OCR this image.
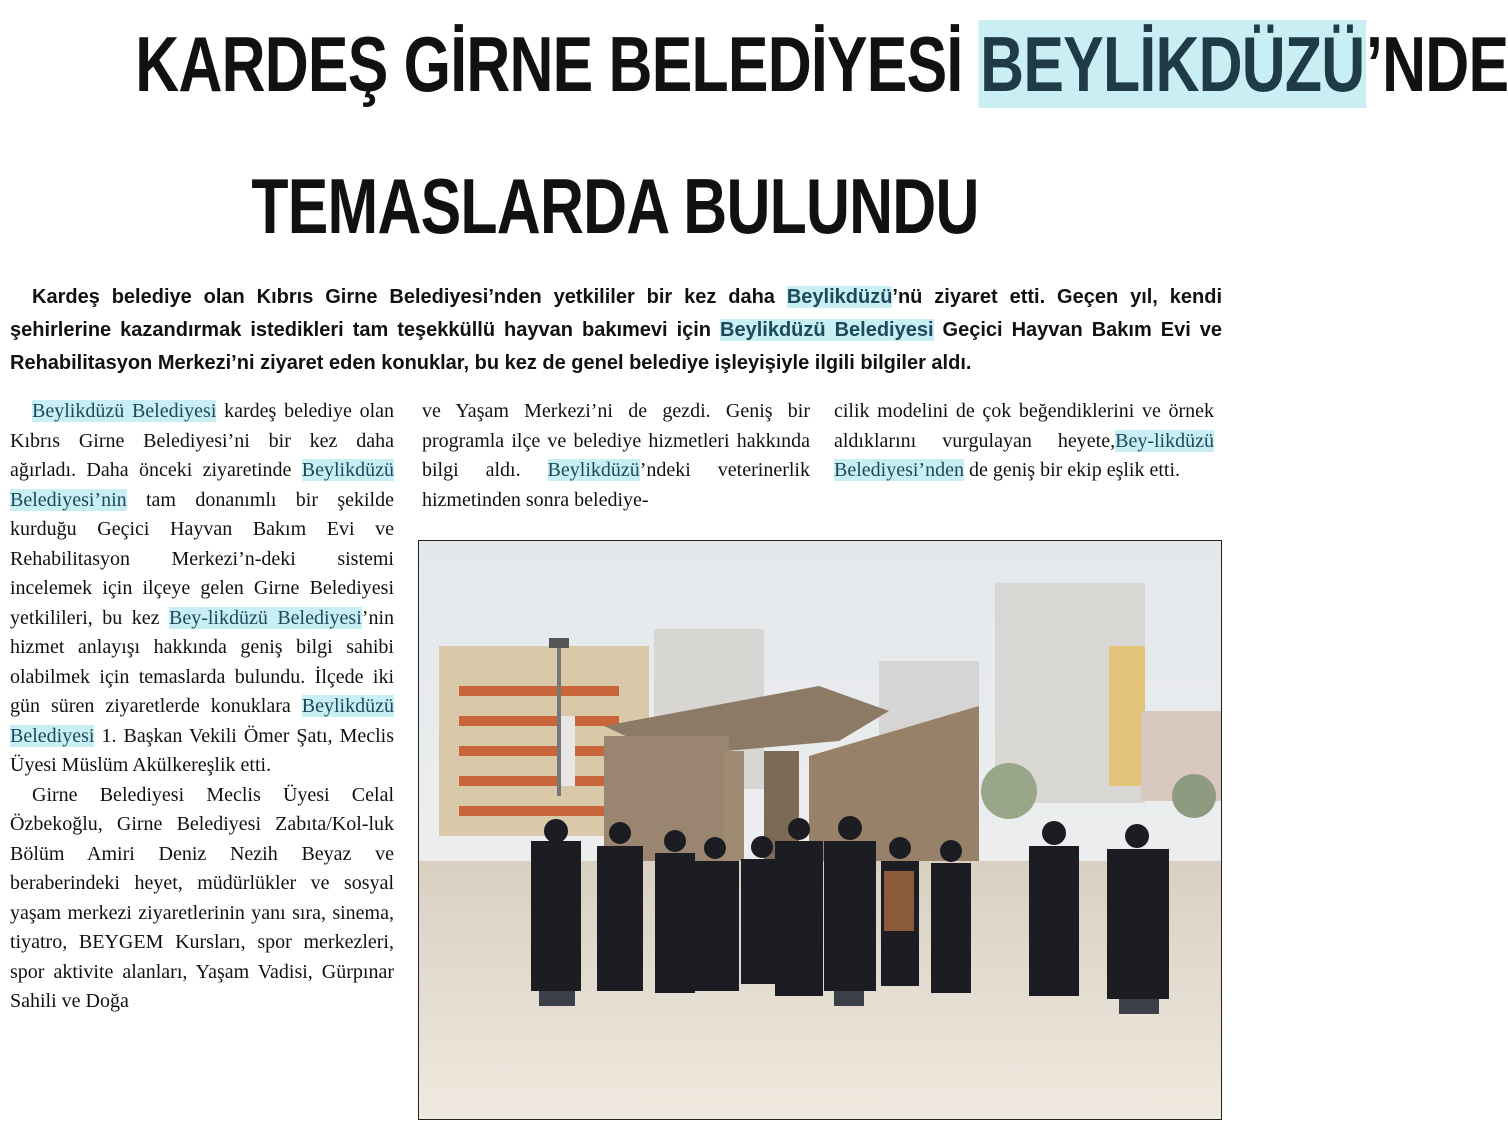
KARDEŞ GİRNE BELEDİYESİ BEYLİKDÜZÜ’NDE
TEMASLARDA BULUNDU
Kardeş belediye olan Kıbrıs Girne Belediyesi’nden yetkililer bir kez daha Beylikdüzü’nü ziyaret etti. Geçen yıl, kendi şehirlerine kazandırmak istedikleri tam teşekküllü hayvan bakımevi için Beylikdüzü Belediyesi Geçici Hayvan Bakım Evi ve Rehabilitasyon Merkezi’ni ziyaret eden konuklar, bu kez de genel belediye işleyişiyle ilgili bilgiler aldı.

Beylikdüzü Belediyesi kardeş belediye olan Kıbrıs Girne Belediyesi’ni bir kez daha ağırladı. Daha önceki ziyaretinde Beylikdüzü Belediyesi’nin tam donanımlı bir şekilde kurduğu Geçici Hayvan Bakım Evi ve Rehabilitasyon Merkezi’n-deki sistemi incelemek için ilçeye gelen Girne Belediyesi yetkilileri, bu kez Bey-likdüzü Belediyesi’nin hizmet anlayışı hakkında geniş bilgi sahibi olabilmek için temaslarda bulundu. İlçede iki gün süren ziyaretlerde konuklara Beylikdüzü Belediyesi 1. Başkan Vekili Ömer Şatı, Meclis Üyesi Müslüm Akülkereşlik etti.

Girne Belediyesi Meclis Üyesi Celal Özbekoğlu, Girne Belediyesi Zabıta/Kol-luk Bölüm Amiri Deniz Nezih Beyaz ve beraberindeki heyet, müdürlükler ve sosyal yaşam merkezi ziyaretlerinin yanı sıra, sinema, tiyatro, BEYGEM Kursları, spor merkezleri, spor aktivite alanları, Yaşam Vadisi, Gürpınar Sahili ve Doğa

ve Yaşam Merkezi’ni de gezdi. Geniş bir programla ilçe ve belediye hizmetleri hakkında bilgi aldı. Beylikdüzü’ndeki veterinerlik hizmetinden sonra belediye-

cilik modelini de çok beğendiklerini ve örnek aldıklarını vurgulayan heyete,Bey-likdüzü Belediyesi’nden de geniş bir ekip eşlik etti.
